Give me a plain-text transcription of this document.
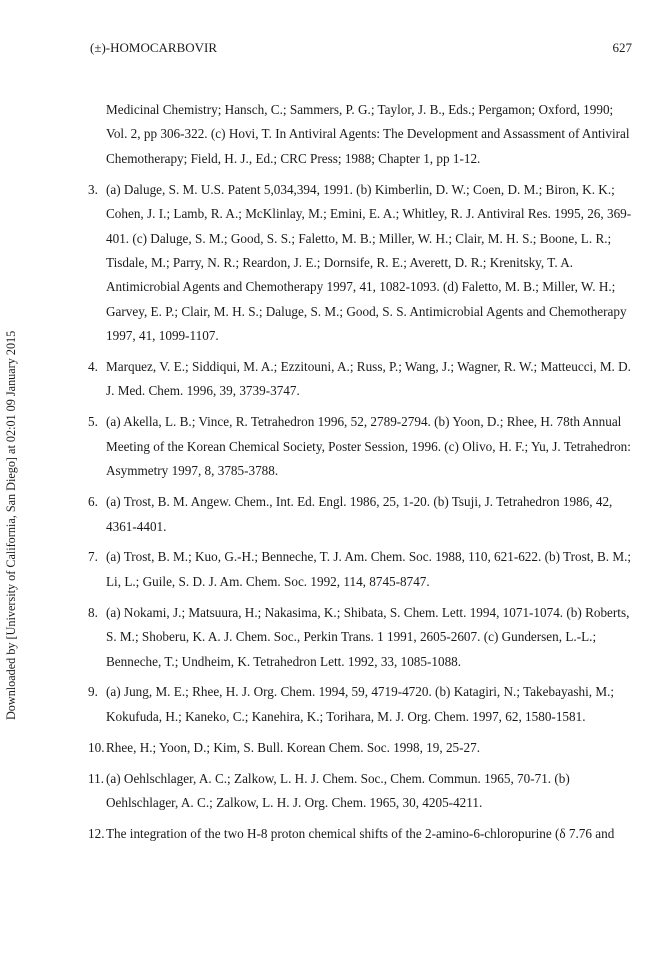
(±)-HOMOCARBOVIR	627
Downloaded by [University of California, San Diego] at 02:01 09 January 2015

Medicinal Chemistry; Hansch, C.; Sammers, P. G.; Taylor, J. B., Eds.; Pergamon; Oxford, 1990; Vol. 2, pp 306-322. (c) Hovi, T. In Antiviral Agents: The Development and Assassment of Antiviral Chemotherapy; Field, H. J., Ed.; CRC Press; 1988; Chapter 1, pp 1-12.

3. (a) Daluge, S. M. U.S. Patent 5,034,394, 1991. (b) Kimberlin, D. W.; Coen, D. M.; Biron, K. K.; Cohen, J. I.; Lamb, R. A.; McKlinlay, M.; Emini, E. A.; Whitley, R. J. Antiviral Res. 1995, 26, 369-401. (c) Daluge, S. M.; Good, S. S.; Faletto, M. B.; Miller, W. H.; Clair, M. H. S.; Boone, L. R.; Tisdale, M.; Parry, N. R.; Reardon, J. E.; Dornsife, R. E.; Averett, D. R.; Krenitsky, T. A. Antimicrobial Agents and Chemotherapy 1997, 41, 1082-1093. (d) Faletto, M. B.; Miller, W. H.; Garvey, E. P.; Clair, M. H. S.; Daluge, S. M.; Good, S. S. Antimicrobial Agents and Chemotherapy 1997, 41, 1099-1107.

4. Marquez, V. E.; Siddiqui, M. A.; Ezzitouni, A.; Russ, P.; Wang, J.; Wagner, R. W.; Matteucci, M. D. J. Med. Chem. 1996, 39, 3739-3747.

5. (a) Akella, L. B.; Vince, R. Tetrahedron 1996, 52, 2789-2794. (b) Yoon, D.; Rhee, H. 78th Annual Meeting of the Korean Chemical Society, Poster Session, 1996. (c) Olivo, H. F.; Yu, J. Tetrahedron: Asymmetry 1997, 8, 3785-3788.

6. (a) Trost, B. M. Angew. Chem., Int. Ed. Engl. 1986, 25, 1-20. (b) Tsuji, J. Tetrahedron 1986, 42, 4361-4401.

7. (a) Trost, B. M.; Kuo, G.-H.; Benneche, T. J. Am. Chem. Soc. 1988, 110, 621-622. (b) Trost, B. M.; Li, L.; Guile, S. D. J. Am. Chem. Soc. 1992, 114, 8745-8747.

8. (a) Nokami, J.; Matsuura, H.; Nakasima, K.; Shibata, S. Chem. Lett. 1994, 1071-1074. (b) Roberts, S. M.; Shoberu, K. A. J. Chem. Soc., Perkin Trans. 1 1991, 2605-2607. (c) Gundersen, L.-L.; Benneche, T.; Undheim, K. Tetrahedron Lett. 1992, 33, 1085-1088.

9. (a) Jung, M. E.; Rhee, H. J. Org. Chem. 1994, 59, 4719-4720. (b) Katagiri, N.; Takebayashi, M.; Kokufuda, H.; Kaneko, C.; Kanehira, K.; Torihara, M. J. Org. Chem. 1997, 62, 1580-1581.

10. Rhee, H.; Yoon, D.; Kim, S. Bull. Korean Chem. Soc. 1998, 19, 25-27.

11. (a) Oehlschlager, A. C.; Zalkow, L. H. J. Chem. Soc., Chem. Commun. 1965, 70-71. (b) Oehlschlager, A. C.; Zalkow, L. H. J. Org. Chem. 1965, 30, 4205-4211.

12. The integration of the two H-8 proton chemical shifts of the 2-amino-6-chloropurine (δ 7.76 and
